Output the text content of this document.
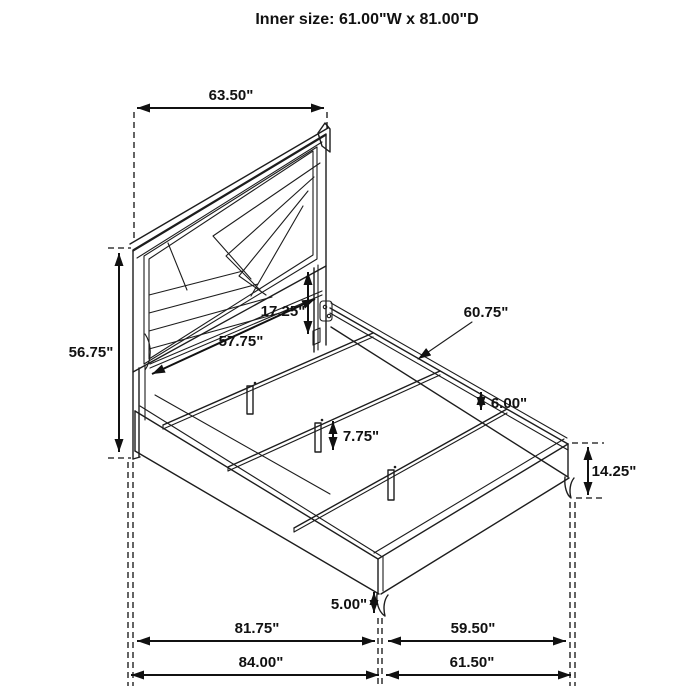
Inner size: 61.00"W x 81.00"D
63.50"
56.75"
17.25"
57.75"
60.75"
6.00"
7.75"
14.25"
5.00"
81.75"	59.50"
84.00"	61.50"
